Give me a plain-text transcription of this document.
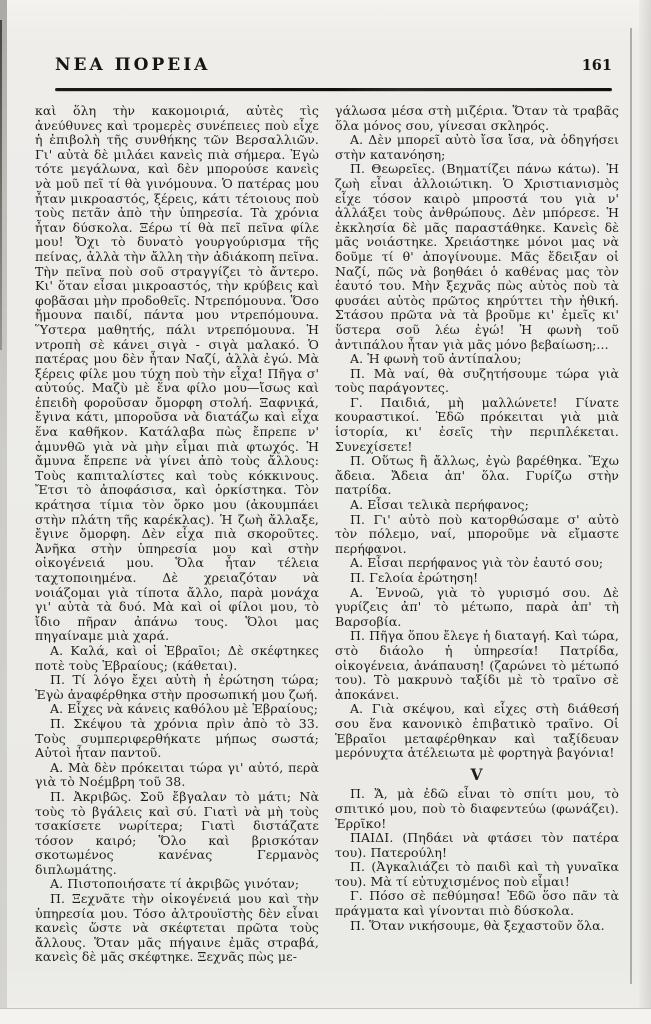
ΝΕΑ ΠΟΡΕΙΑ	161

καὶ ὅλη τὴν κακομοιριά, αὐτὲς τὶς ἀνεύθυνες καὶ τρομερὲς συνέπειες ποὺ εἶχε ἡ ἐπιβολὴ τῆς συνθήκης τῶν Βερσαλλιῶν. Γι' αὐτὰ δὲ μιλάει κανεὶς πιὰ σήμερα. Ἐγὼ τότε μεγάλωνα, καὶ δὲν μπορούσε κανεὶς νὰ μοῦ πεῖ τί θὰ γινόμουνα. Ὁ πατέρας μου ἦταν μικροαστός, ξέρεις, κάτι τέτοιους ποὺ τοὺς πετᾶν ἀπὸ τὴν ὑπηρεσία. Τὰ χρόνια ἦταν δύσκολα. Ξέρω τί θὰ πεῖ πεῖνα φίλε μου! Ὄχι τὸ δυνατὸ γουργούρισμα τῆς πείνας, ἀλλὰ τὴν ἄλλη τὴν ἀδιάκοπη πεῖνα. Τὴν πεῖνα ποὺ σοῦ στραγγίζει τὸ ἄντερο. Κι' ὅταν εἶσαι μικροαστός, τὴν κρύβεις καὶ φοβᾶσαι μὴν προδοθεῖς. Ντρεπόμουνα. Ὅσο ἤμουνα παιδί, πάντα μου ντρεπόμουνα. Ὕστερα μαθητής, πάλι ντρεπόμουνα. Ἡ ντροπὴ σὲ κάνει σιγὰ - σιγὰ μαλακό. Ὁ πατέρας μου δὲν ἦταν Ναζί, ἀλλὰ ἐγώ. Μὰ ξέρεις φίλε μου τύχη ποὺ τὴν εἶχα! Πῆγα σ' αὐτούς. Μαζὺ μὲ ἕνα φίλο μου—ἴσως καὶ ἐπειδὴ φοροῦσαν ὄμορφη στολή. Ξαφνικά, ἔγινα κάτι, μποροῦσα νὰ διατάζω καὶ εἶχα ἕνα καθῆκον. Κατάλαβα πὼς ἔπρεπε ν' ἀμυνθῶ γιὰ νὰ μὴν εἶμαι πιὰ φτωχός. Ἡ ἄμυνα ἔπρεπε νὰ γίνει ἀπὸ τοὺς ἄλλους: Τοὺς καπιταλίστες καὶ τοὺς κόκκινους. Ἔτσι τὸ ἀποφάσισα, καὶ ὁρκίστηκα. Τὸν κράτησα τίμια τὸν ὅρκο μου (ἀκουμπάει στὴν πλάτη τῆς καρέκλας). Ἡ ζωὴ ἄλλαξε, ἔγινε ὄμορφη. Δὲν εἶχα πιὰ σκοροῦτες. Ἀνῆκα στὴν ὑπηρεσία μου καὶ στὴν οἰκογένειά μου. Ὅλα ἦταν τέλεια ταχτοποιημένα. Δὲ χρειαζόταν νὰ νοιάζομαι γιὰ τίποτα ἄλλο, παρὰ μονάχα γι' αὐτὰ τὰ δυό. Μὰ καὶ οἱ φίλοι μου, τὸ ἴδιο πῆραν ἀπάνω τους. Ὅλοι μας πηγαίναμε μιὰ χαρά.

Α. Καλά, καὶ οἱ Ἑβραῖοι; Δὲ σκέφτηκες ποτὲ τοὺς Ἑβραίους; (κάθεται).

Π. Τί λόγο ἔχει αὐτὴ ἡ ἐρώτηση τώρα; Ἐγὼ ἀναφέρθηκα στὴν προσωπική μου ζωή.

Α. Εἶχες νὰ κάνεις καθόλου μὲ Ἑβραίους;

Π. Σκέψου τὰ χρόνια πρὶν ἀπὸ τὸ 33. Τοὺς συμπεριφερθήκατε μήπως σωστά; Αὐτοὶ ἦταν παντοῦ.

Α. Μὰ δὲν πρόκειται τώρα γι' αὐτό, περὰ γιὰ τὸ Νοέμβρη τοῦ 38.

Π. Ἀκριβῶς. Σοῦ ἔβγαλαν τὸ μάτι; Νὰ τοὺς τὸ βγάλεις καὶ σύ. Γιατὶ νὰ μὴ τοὺς τσακίσετε νωρίτερα; Γιατὶ διστάζατε τόσον καιρό; Ὅλο καὶ βρισκόταν σκοτωμένος κανένας Γερμανὸς διπλωμάτης.

Α. Πιστοποιήσατε τί ἀκριβῶς γινόταν;

Π. Ξεχνᾶτε τὴν οἰκογένειά μου καὶ τὴν ὑπηρεσία μου. Τόσο ἀλτρουϊστὴς δὲν εἶναι κανεὶς ὥστε νὰ σκέφτεται πρῶτα τοὺς ἄλλους. Ὅταν μᾶς πήγαινε ἐμᾶς στραβά, κανεὶς δὲ μᾶς σκέφτηκε. Ξεχνᾶς πὼς με-

γάλωσα μέσα στὴ μιζέρια. Ὅταν τὰ τραβᾶς ὅλα μόνος σου, γίνεσαι σκληρός.

Α. Δὲν μπορεῖ αὐτὸ ἴσα ἴσα, νὰ ὁδηγήσει στὴν κατανόηση;

Π. Θεωρεῖες. (Βηματίζει πάνω κάτω). Ἡ ζωὴ εἶναι ἀλλοιώτικη. Ὁ Χριστιανισμὸς εἶχε τόσον καιρὸ μπροστά του γιὰ ν' ἀλλάξει τοὺς ἀνθρώπους. Δὲν μπόρεσε. Ἡ ἐκκλησία δὲ μᾶς παραστάθηκε. Κανεὶς δὲ μᾶς νοιάστηκε. Χρειάστηκε μόνοι μας νὰ δοῦμε τί θ' ἀπογίνουμε. Μᾶς ἔδειξαν οἱ Ναζί, πῶς νὰ βοηθάει ὁ καθένας μας τὸν ἑαυτό του. Μὴν ξεχνᾶς πὼς αὐτὸς ποὺ τὰ φυσάει αὐτὸς πρῶτος κηρύττει τὴν ἠθική. Στάσου πρῶτα νὰ τὰ βροῦμε κι' ἐμεῖς κι' ὕστερα σοῦ λέω ἐγώ! Ἡ φωνὴ τοῦ ἀντιπάλου ἦταν γιὰ μᾶς μόνο βεβαίωση;...

Α. Ἡ φωνὴ τοῦ ἀντίπαλου;

Π. Μὰ ναί, θὰ συζητήσουμε τώρα γιὰ τοὺς παράγοντες.

Γ. Παιδιά, μὴ μαλλώνετε! Γίνατε κουραστικοί. Ἐδῶ πρόκειται γιὰ μιὰ ἱστορία, κι' ἐσεῖς τὴν περιπλέκεται. Συνεχίσετε!

Π. Οὕτως ἢ ἄλλως, ἐγὼ βαρέθηκα. Ἔχω ἄδεια. Ἄδεια ἀπ' ὅλα. Γυρίζω στὴν πατρίδα.

Α. Εἶσαι τελικὰ περήφανος;

Π. Γι' αὐτὸ ποὺ κατορθώσαμε σ' αὐτὸ τὸν πόλεμο, ναί, μποροῦμε νὰ εἴμαστε περήφανοι.

Α. Εἶσαι περήφανος γιὰ τὸν ἑαυτό σου;

Π. Γελοία ἐρώτηση!

Α. Ἐννοῶ, γιὰ τὸ γυρισμό σου. Δὲ γυρίζεις ἀπ' τὸ μέτωπο, παρὰ ἀπ' τὴ Βαρσοβία.

Π. Πῆγα ὅπου ἔλεγε ἡ διαταγή. Καὶ τώρα, στὸ διάολο ἡ ὑπηρεσία! Πατρίδα, οἰκογένεια, ἀνάπαυση! (ζαρώνει τὸ μέτωπό του). Τὸ μακρυνὸ ταξίδι μὲ τὸ τραῖνο σὲ ἀποκάνει.

Α. Γιὰ σκέψου, καὶ εἶχες στὴ διάθεσή σου ἕνα κανονικὸ ἐπιβατικὸ τραῖνο. Οἱ Ἑβραῖοι μεταφέρθηκαν καὶ ταξίδευαν μερόνυχτα ἀτέλειωτα μὲ φορτηγὰ βαγόνια!

V

Π. Ἄ, μὰ ἐδῶ εἶναι τὸ σπίτι μου, τὸ σπιτικό μου, ποὺ τὸ διαφεντεύω (φωνάζει). Ἐρρῖκο!

ΠΑΙΔΙ. (Πηδάει νὰ φτάσει τὸν πατέρα του). Πατερούλη!

Π. (Ἀγκαλιάζει τὸ παιδὶ καὶ τὴ γυναῖκα του). Μὰ τί εὐτυχισμένος ποὺ εἶμαι!

Γ. Πόσο σὲ πεθύμησα! Ἐδῶ ὅσο πᾶν τὰ πράγματα καὶ γίνονται πιὸ δύσκολα.

Π. Ὅταν νικήσουμε, θὰ ξεχαστοῦν ὅλα.
